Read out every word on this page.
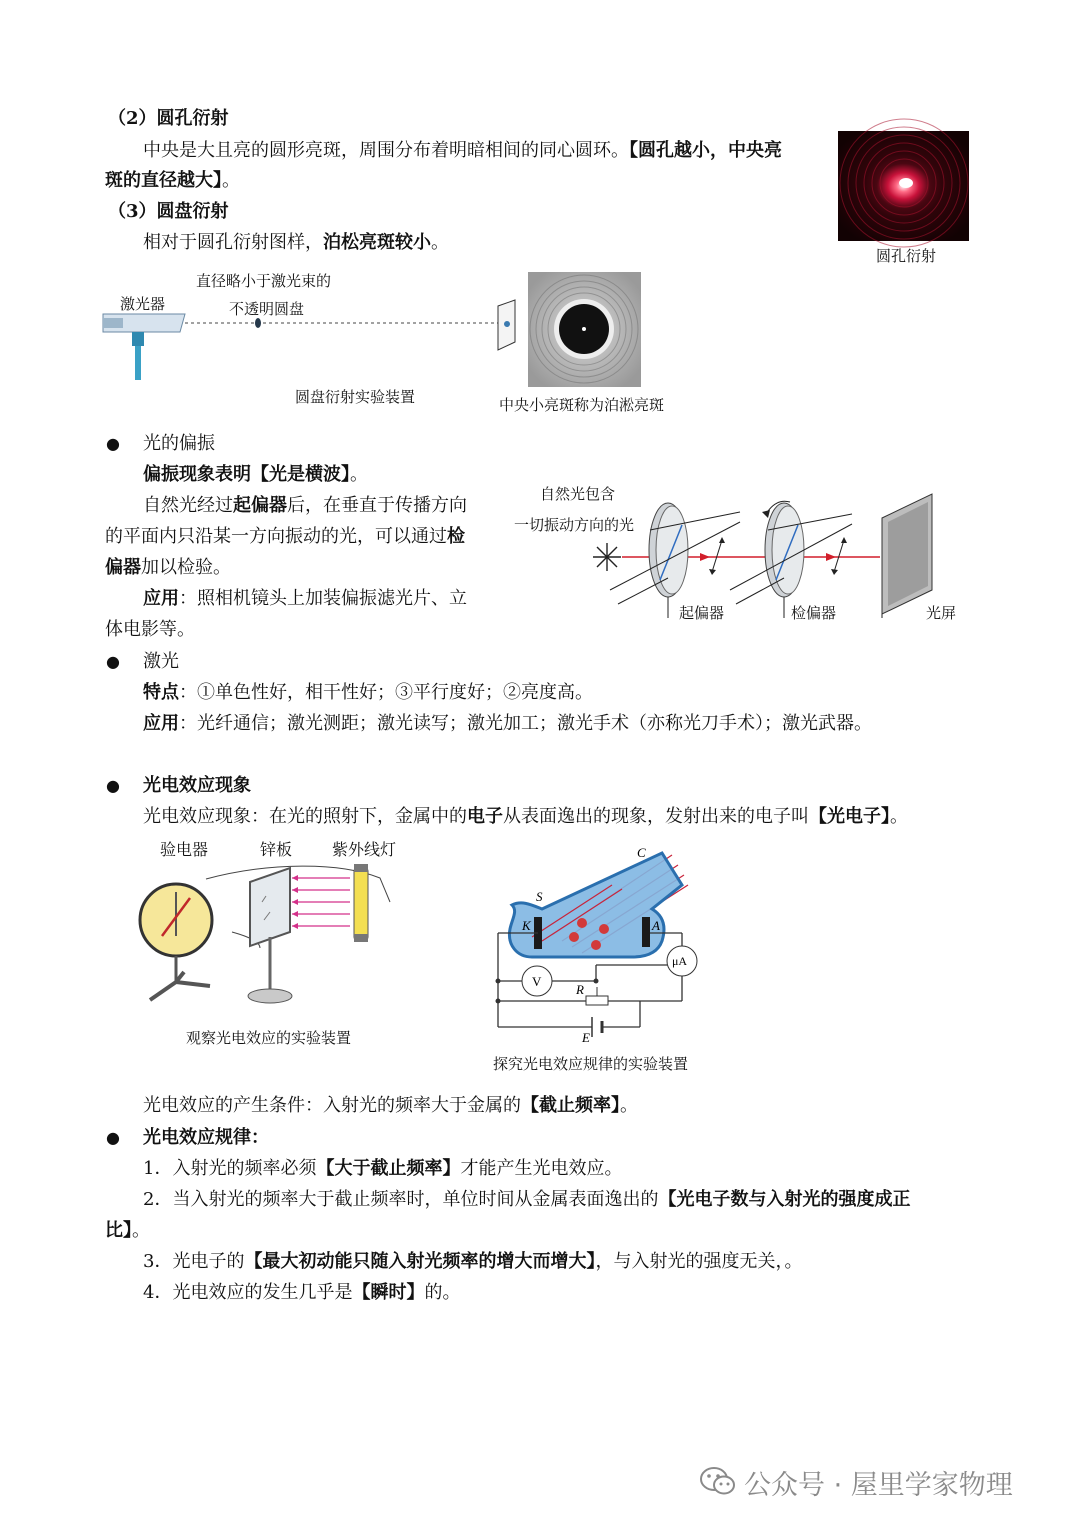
（2）圆孔衍射
中央是大且亮的圆形亮斑，周围分布着明暗相间的同心圆环。【圆孔越小，中央亮
斑的直径越大】。
圆孔衍射
（3）圆盘衍射
相对于圆孔衍射图样，泊松亮斑较小。
激光器
直径略小于激光束的
不透明圆盘
圆盘衍射实验装置	中央小亮斑称为泊淞亮斑
● 光的偏振
偏振现象表明【光是横波】。
自然光经过起偏器后，在垂直于传播方向
的平面内只沿某一方向振动的光，可以通过检
偏器加以检验。
应用：照相机镜头上加装偏振滤光片、立
体电影等。
自然光包含
一切振动方向的光
起偏器	检偏器	光屏
● 激光
特点：①单色性好，相干性好；③平行度好；②亮度高。
应用：光纤通信；激光测距；激光读写；激光加工；激光手术（亦称光刀手术）；激光武器。
● 光电效应现象
光电效应现象：在光的照射下，金属中的电子从表面逸出的现象，发射出来的电子叫【光电子】。
验电器	锌板 紫外线灯
观察光电效应的实验装置
S
C
K	A
V
μA
R
E
探究光电效应规律的实验装置
光电效应的产生条件：入射光的频率大于金属的【截止频率】。
● 光电效应规律：
1．入射光的频率必须【大于截止频率】才能产生光电效应。
2．当入射光的频率大于截止频率时，单位时间从金属表面逸出的【光电子数与入射光的强度成正
比】。
3．光电子的【最大初动能只随入射光频率的增大而增大】，与入射光的强度无关，。
4．光电效应的发生几乎是【瞬时】的。
公众号 · 屋里学家物理
